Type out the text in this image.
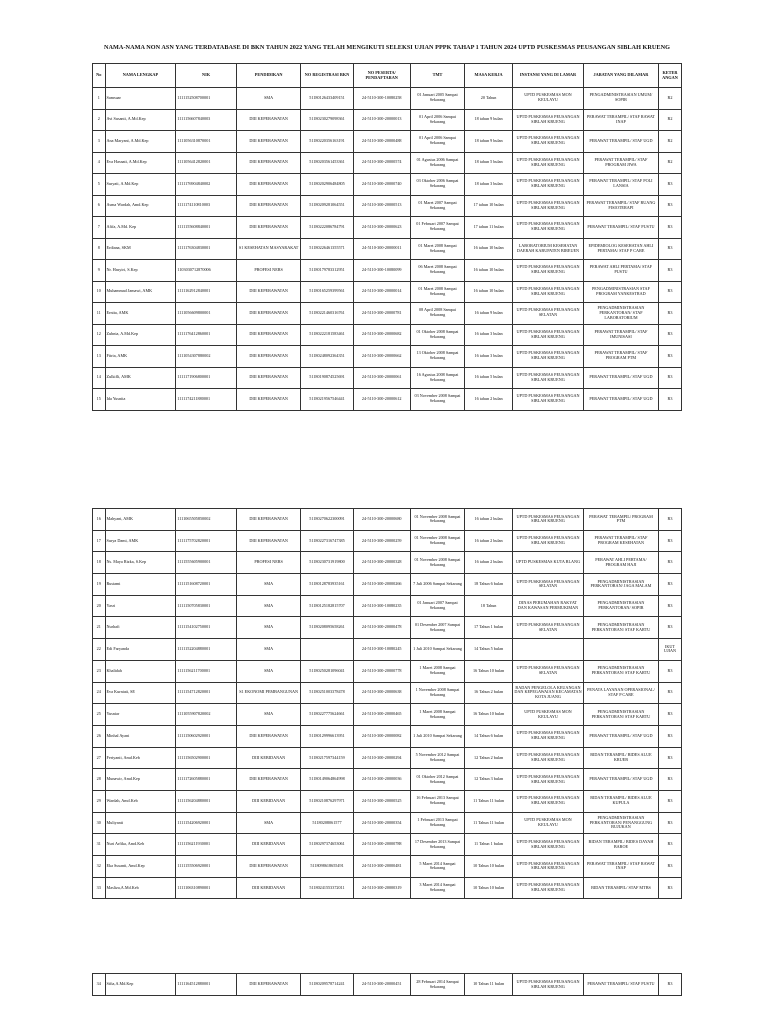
NAMA-NAMA NON ASN YANG TERDATABASE DI BKN TAHUN 2022 YANG TELAH MENGIKUTI SELEKSI UJIAN PPPK TAHAP 1 TAHUN 2024 UPTD PUSKESMAS PEUSANGAN SIBLAH KRUENG
No	NAMA LENGKAP	NIK	PENDIDIKAN	NO REGISTRASI BKN	NO PESERTA/ PENDAFTARAN	TMT	MASA KERJA	INSTANSI YANG DI LAMAR	JABATAN YANG DILAMAR	KETER ANGAN
1	Samsuar	1111152508700001	SMA	51180126433409151	24-5110-300-10080258	01 Januari 2005 Sampai Sekarang	20 Tahun	UPTD PUSKESMAS MON KEULAYU	PENGADMINISTRASIAN UMUM/ SOPIR	R2
2	Avi Susanti, A.Md.Kep	1111156607840003	DIII KEPERAWATAN	51180230279098361	24-5110-300-20000013	01 April 2006 Sampai Sekarang	18 tahun 9 bulan	UPTD PUSKESMAS PEUSANGAN SIBLAH KRUENG	PERAWAT TERAMPIL/ STAF RAWAT INAP	R2
3	Ana Maryani, A.Md.Kep	1111056310870001	DIII KEPERAWATAN	51180220356163191	24-5110-300-20000488	01 April 2006 Sampai Sekarang	18 tahun 9 bulan	UPTD PUSKESMAS PEUSANGAN SIBLAH KRUENG	PERAWAT TERAMPIL/ STAF UGD	R2
4	Eva Hasnati, A.Md.Kep	1111056412820001	DIII KEPERAWATAN	51180203561453361	24-5110-300-20000574	01 Agustus 2006 Sampai Sekarang	18 tahun 5 bulan	UPTD PUSKESMAS PEUSANGAN SIBLAH KRUENG	PERAWAT TERAMPIL/ STAF PROGRAM JIWA	R2
5	Suryati, A.Md.Kep	1111176904840002	DIII KEPERAWATAN	51180202906484805	24-5110-300-20000740	03 Oktober 2006 Sampai Sekarang	18 tahun 3 bulan	UPTD PUSKESMAS PEUSANGAN SIBLAH KRUENG	PERAWAT TERAMPIL/ STAF POLI LANSIA	R3
6	Asma Wardah, Amd.Kep	1111174110810003	DIII KEPERAWATAN	51180209281064551	24-5110-300-20000513	01 Maret 2007 Sampai Sekarang	17 tahun 10 bulan	UPTD PUSKESMAS PEUSANGAN SIBLAH KRUENG	PERAWAT TERAMPIL/ STAF RUANG FISIOTERAPI	R3
7	Afifa, A.Md. Kep	1111155608840001	DIII KEPERAWATAN	51180222086784791	24-5110-300-20000623	01 Februari 2007 Sampai Sekarang	17 tahun 11 bulan	UPTD PUSKESMAS PEUSANGAN SIBLAH KRUENG	PERAWAT TERAMPIL/ STAF PUSTU	R3
8	Erdiana, SKM	1111176304830001	S1 KESEHATAN MASYARAKAT	51180226461355571	24-5110-300-20000011	01 Maret 2008 Sampai Sekarang	16 tahun 10 bulan	LABORATORIUM KESEHATAN DAERAH KABUPATEN BIREUEN	EPIDEMIOLOG KESEHATAN AHLI PERTAMA/ STAF P CARE	R3
9	Nr. Hasyiri, S.Kep	1103030712870006	PROFESI NERS	51180179783312951	24-5110-300-10080099	06 Maret 2008 Sampai Sekarang	16 tahun 10 bulan	UPTD PUSKESMAS PEUSANGAN SIBLAH KRUENG	PERAWAT AHLI PERTAMA/ STAF PUSTU	R3
10	Muhammad Jamawi, AMK	1111162912840001	DIII KEPERAWATAN	51180165259399561	24-5110-300-20000014	01 Maret 2008 Sampai Sekarang	16 tahun 10 bulan	UPTD PUSKESMAS PEUSANGAN SIBLAH KRUENG	PENGADMINISTRASIAN STAF PROGRAM YANKESTRAD	R3
11	Ernita, AMK	1111056609800001	DIII KEPERAWATAN	51180221460316761	24-5110-300-20000781	08 April 2008 Sampai Sekarang	16 tahun 9 bulan	UPTD PUSKESMAS PEUSANGAN SELATAN	PENGADMINISTRASIAN PERKANTORAN/ STAF LABORATORIUM	R3
12	Zubnia, A.Md.Kep	1111176412860001	DIII KEPERAWATAN	51180222181583461	24-5110-300-20000682	01 Oktober 2008 Sampai Sekarang	16 tahun 3 bulan	UPTD PUSKESMAS PEUSANGAN SIBLAH KRUENG	PERAWAT TERAMPIL/ STAF IMUNISASI	R3
13	Fitria, AMK	1111054307880002	DIII KEPERAWATAN	51180248092364351	24-5110-300-20000662	13 Oktober 2008 Sampai Sekarang	16 tahun 3 bulan	UPTD PUSKESMAS PEUSANGAN SIBLAH KRUENG	PERAWAT TERAMPIL/ STAF PROGRAM PTM	R3
14	Zulkifli, AMK	1111171906800001	DIII KEPERAWATAN	51180190874525691	24-5110-300-20000061	16 Agustus 2008 Sampai Sekarang	16 tahun 5 bulan	UPTD PUSKESMAS PEUSANGAN SIBLAH KRUENG	PERAWAT TERAMPIL/ STAF UGD	R3
15	Ida Yusnita	1111174211880001	DIII KEPERAWATAN	51180219567546441	24-5110-300-20000612	03 November 2008 Sampai Sekarang	16 tahun 2 bulan	UPTD PUSKESMAS PEUSANGAN SIBLAH KRUENG	PERAWAT TERAMPIL/ STAF UGD	R3
16	Mahyani, AMK	1111065505850002	DIII KEPERAWATAN	51180270622300091	24-5110-300-20000680	01 November 2008 Sampai Sekarang	16 tahun 2 bulan	UPTD PUSKESMAS PEUSANGAN SIBLAH KRUENG	PERAWAT TERAMPIL/ PROGRAM PTM	R3
17	Surya Dami, AMK	1111175702820001	DIII KEPERAWATAN	51180227316747385	24-5110-300-20000259	01 November 2008 Sampai Sekarang	16 tahun 2 bulan	UPTD PUSKESMAS PEUSANGAN SIBLAH KRUENG	PERAWAT TERAMPIL/ STAF PROGRAM KESEHATAN	R3
18	Ns. Maya Rizka, S.Kep	1111555605900001	PROFESI NERS	51180230731919800	24-5110-300-20000328	01 November 2008 Sampai Sekarang	16 tahun 2 bulan	UPTD PUSKESMAS KUTA BLANG	PERAWAT AHLI PERTAMA/ PROGRAM HAJI	R3
19	Rustami	1111151608720001	SMA	51180128783935161	24-5110-300-20000266	7 Juli 2006 Sampai Sekarang	18 Tahun 6 bulan	UPTD PUSKESMAS PEUSANGAN SELATAN	PENGADMINISTRASIAN PERKANTORAN/ JAGA MALAM	R3
20	Yasri	1111150705830001	SMA	51180125182815707	24-5110-300-10080235	01 Januari 2007 Sampai Sekarang	18 Tahun	DINAS PERUMAHAN RAKYAT DAN KAWASAN PERMUKIMAN	PENGADMINISTRASIAN PERKANTORAN/ SOPIR	R3
21	Nurhafi	1111154102750001	SMA	51180208095658261	24-5110-300-20000478	01 Desember 2007 Sampai Sekarang	17 Tahun 1 bulan	UPTD PUSKESMAS PEUSANGAN SELATAN	PENGADMINISTRASIAN PERKANTORAN/ STAF KARTU	R3
22	Edi Faryanda	1111152204880001	SMA		24-5110-300-10080245	1 Juli 2010 Sampai Sekarang	14 Tahun 5 bulan			IKUT UJIAN
23	Khalidah	1111156211700001	SMA	51180250281096041	24-5110-300-20000778	1 Maret 2008 Sampai Sekarang	16 Tahun 10 bulan	UPTD PUSKESMAS PEUSANGAN SELATAN	PENGADMINISTRASIAN PERKANTORAN/ STAF KARTU	R3
24	Eva Kurniati, SE	1111154712820001	S1 EKONOMI PEMBANGUNAN	51180251003378478	24-5110-300-20000638	1 November 2008 Sampai Sekarang	16 Tahun 2 bulan	BADAN PENGELOLA KEUANGAN DAN KEPEGAWAIAN KECAMATAN KOTA JUANG	PENATA LAYANAN OPERASIONAL/ STAF P CARE	R3
25	Yusniar	1111055907820002	SMA	51180227775624661	24-5110-300-20000465	1 Maret 2008 Sampai Sekarang	16 Tahun 10 bulan	UPTD PUSKESMAS MON KEULAYU	PENGADMINISTRASIAN PERKANTORAN/ STAF KARTU	R3
26	Minhal Ayani	1111150602920001	DIII KEPERAWATAN	51180129996613951	24-5110-300-20000082	1 Juli 2010 Sampai Sekarang	14 Tahun 6 bulan	UPTD PUSKESMAS PEUSANGAN SIBLAH KRUENG	PERAWAT TERAMPIL/ STAF UGD	R3
27	Feriyanti, Amd.Keb	1111156502900001	DIII KEBIDANAN	51180217597344159	24-5110-300-20000294	5 November 2012 Sampai Sekarang	12 Tahun 2 bulan	UPTD PUSKESMAS PEUSANGAN SIBLAH KRUENG	BIDAN TERAMPIL/ BIDES ALUE KRUEB	R3
28	Munawir, Amd.Kep	1111172605880001	DIII KEPERAWATAN	51180149064864998	24-5110-300-20000036	01 Oktober 2012 Sampai Sekarang	12 Tahun 3 bulan	UPTD PUSKESMAS PEUSANGAN SIBLAH KRUENG	PERAWAT TERAMPIL/ STAF UGD	R3
29	Wardah, Amd.Keb	1111156204880001	DIII KEBIDANAN	51180210876297971	24-5110-300-20000525	16 Februari 2013 Sampai Sekarang	11 Tahun 11 bulan	UPTD PUSKESMAS PEUSANGAN SIBLAH KRUENG	BIDAN TERAMPIL/ BIDES ALUE KUPULA	R3
30	Muliyanti	1111154206920001	SMA	51180208061577	24-5110-300-20000354	1 Februari 2013 Sampai Sekarang	11 Tahun 11 bulan	UPTD PUSKESMAS MON KEULAYU	PENGADMINISTRASIAN PERKANTORAN/ PENANGGUNG BUJUKAN	R3
31	Nuri Arfika, Amd.Keb	1111156211930001	DIII KEBIDANAN	51180297374653061	24-5110-300-20000788	17 Desember 2013 Sampai Sekarang	11 Tahun 1 bulan	UPTD PUSKESMAS PEUSANGAN SIBLAH KRUENG	BIDAN TERAMPIL/ BIDES DAYAH BAROE	R3
32	Eka Susanti, Amd.Kep	1111155506920001	DIII KEPERAWATAN	5118098618655491	24-5110-300-20000481	5 Maret 2014 Sampai Sekarang	10 Tahun 10 bulan	UPTD PUSKESMAS PEUSANGAN SIBLAH KRUENG	PERAWAT TERAMPIL/ STAF RAWAT INAP	R3
33	Masliza,A.Md.Keb	1111106310890001	DIII KEBIDANAN	51180241553372011	24-5110-300-20000319	3 Maret 2014 Sampai Sekarang	10 Tahun 10 bulan	UPTD PUSKESMAS PEUSANGAN SIBLAH KRUENG	BIDAN TERAMPIL/ STAF MTBS	R3
34	Sifia,A.Md.Kep	1111164512880001	DIII KEPERAWATAN	51180209578714241	24-5110-300-20000451	28 Februari 2014 Sampai Sekarang	10 Tahun 11 bulan	UPTD PUSKESMAS PEUSANGAN SIBLAH KRUENG	PERAWAT TERAMPIL/ STAF PUSTU	R3
